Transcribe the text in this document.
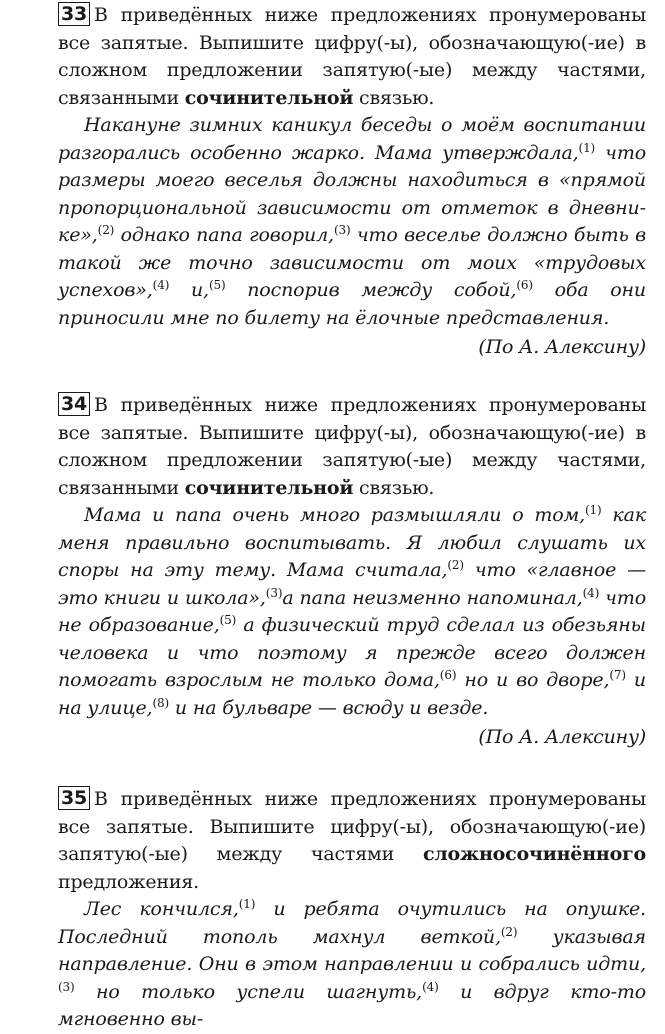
33 В приведённых ниже предложениях пронумерованы все запятые. Выпишите цифру(-ы), обозначающую(-ие) в сложном предложении запятую(-ые) между частями, связанными сочинительной связью.
Накануне зимних каникул беседы о моём воспитании разгорались особенно жарко. Мама утверждала,$^{(1)}$ что размеры моего веселья должны находиться в «прямой пропорциональной зависимости от отметок в дневнике»,$^{(2)}$ однако папа говорил,$^{(3)}$ что веселье должно быть в такой же точно зависимости от моих «трудовых успехов»,$^{(4)}$ и,$^{(5)}$ поспорив между собой,$^{(6)}$ оба они приносили мне по билету на ёлочные представления.
(По А. Алексину)
34 В приведённых ниже предложениях пронумерованы все запятые. Выпишите цифру(-ы), обозначающую(-ие) в сложном предложении запятую(-ые) между частями, связанными сочинительной связью.
Мама и папа очень много размышляли о том,$^{(1)}$ как меня правильно воспитывать. Я любил слушать их споры на эту тему. Мама считала,$^{(2)}$ что «главное — это книги и школа»,$^{(3)}$а папа неизменно напоминал,$^{(4)}$ что не образование,$^{(5)}$ а физический труд сделал из обезьяны человека и что поэтому я прежде всего должен помогать взрослым не только дома,$^{(6)}$ но и во дворе,$^{(7)}$ и на улице,$^{(8)}$ и на бульваре — всюду и везде.
(По А. Алексину)
35 В приведённых ниже предложениях пронумерованы все запятые. Выпишите цифру(-ы), обозначающую(-ие) запятую(-ые) между частями сложносочинённого предложения.
Лес кончился,$^{(1)}$ и ребята очутились на опушке. Последний тополь махнул веткой,$^{(2)}$ указывая направление. Они в этом направлении и собрались идти,$^{(3)}$ но только успели шагнуть,$^{(4)}$ и вдруг кто-то мгновенно вы-
